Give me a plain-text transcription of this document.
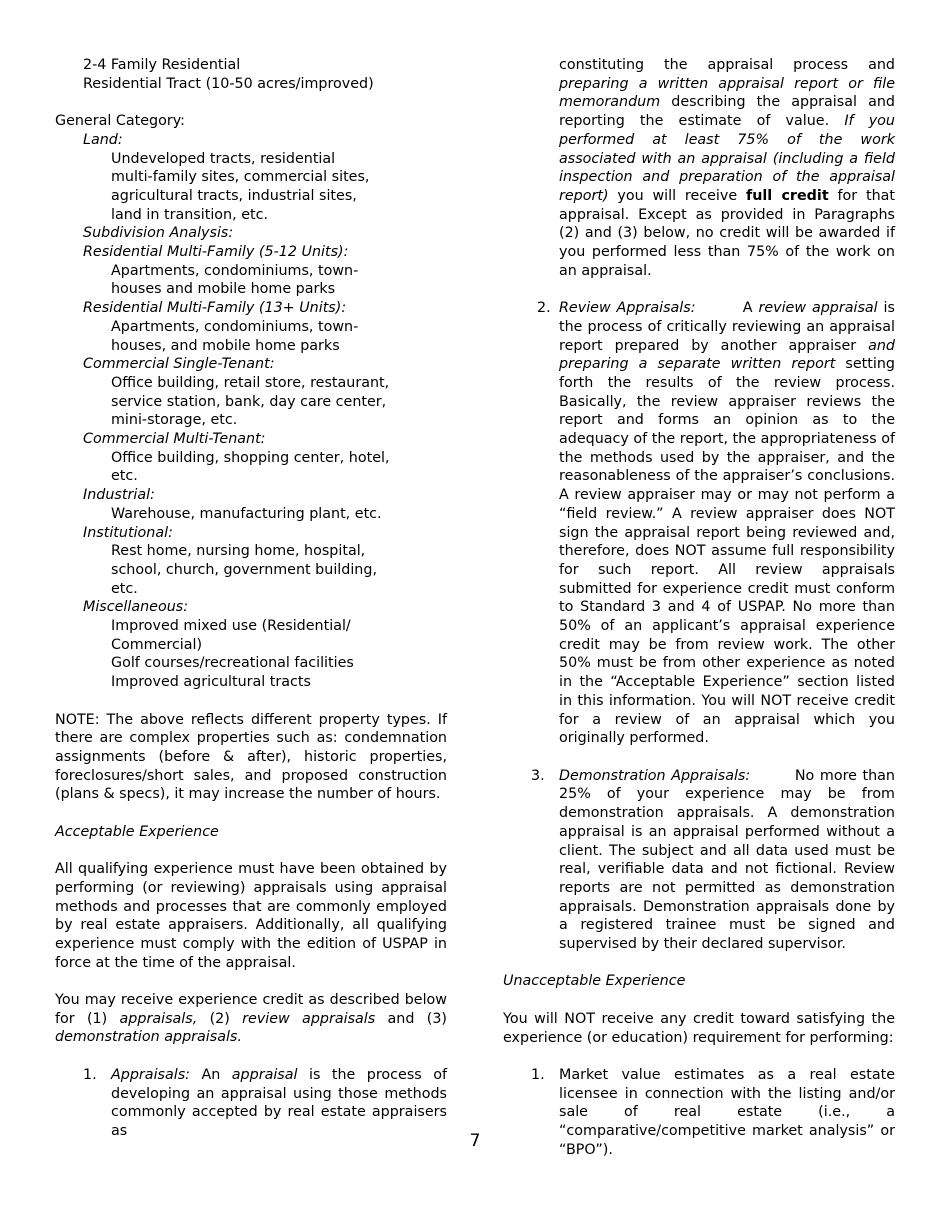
2-4 Family Residential

Residential Tract (10-50 acres/improved)

General Category:

Land:

Undeveloped tracts, residential

multi-family sites, commercial sites,

agricultural tracts, industrial sites,

land in transition, etc.

Subdivision Analysis:

Residential Multi-Family (5-12 Units):

Apartments, condominiums, town-

houses and mobile home parks

Residential Multi-Family (13+ Units):

Apartments, condominiums, town-

houses, and mobile home parks

Commercial Single-Tenant:

Office building, retail store, restaurant,

service station, bank, day care center,

mini-storage, etc.

Commercial Multi-Tenant:

Office building, shopping center, hotel,

etc.

Industrial:

Warehouse, manufacturing plant, etc.

Institutional:

Rest home, nursing home, hospital,

school, church, government building,

etc.

Miscellaneous:

Improved mixed use (Residential/

Commercial)

Golf courses/recreational facilities

Improved agricultural tracts

NOTE: The above reflects different property types. If there are complex properties such as: condemnation assignments (before & after), historic properties, foreclosures/short sales, and proposed construction (plans & specs), it may increase the number of hours.

Acceptable Experience

All qualifying experience must have been obtained by performing (or reviewing) appraisals using appraisal methods and processes that are commonly employed by real estate appraisers. Additionally, all qualifying experience must comply with the edition of USPAP in force at the time of the appraisal.

You may receive experience credit as described below for (1) appraisals, (2) review appraisals and (3) demonstration appraisals.

1. Appraisals: An appraisal is the process of developing an appraisal using those methods commonly accepted by real estate appraisers as
constituting the appraisal process and preparing a written appraisal report or file memorandum describing the appraisal and reporting the estimate of value. If you performed at least 75% of the work associated with an appraisal (including a field inspection and preparation of the appraisal report) you will receive full credit for that appraisal. Except as provided in Paragraphs (2) and (3) below, no credit will be awarded if you performed less than 75% of the work on an appraisal.
2. Review Appraisals:        A review appraisal is the process of critically reviewing an appraisal report prepared by another appraiser and preparing a separate written report setting forth the results of the review process. Basically, the review appraiser reviews the report and forms an opinion as to the adequacy of the report, the appropriateness of the methods used by the appraiser, and the reasonableness of the appraiser’s conclusions. A review appraiser may or may not perform a “field review.” A review appraiser does NOT sign the appraisal report being reviewed and, therefore, does NOT assume full responsibility for such report. All review appraisals submitted for experience credit must conform to Standard 3 and 4 of USPAP. No more than 50% of an applicant’s appraisal experience credit may be from review work. The other 50% must be from other experience as noted in the “Acceptable Experience” section listed in this information. You will NOT receive credit for a review of an appraisal which you originally performed.
3. Demonstration Appraisals:        No more than 25% of your experience may be from demonstration appraisals. A demonstration appraisal is an appraisal performed without a client. The subject and all data used must be real, verifiable data and not fictional. Review reports are not permitted as demonstration appraisals. Demonstration appraisals done by a registered trainee must be signed and supervised by their declared supervisor.

Unacceptable Experience

You will NOT receive any credit toward satisfying the experience (or education) requirement for performing:

1. Market value estimates as a real estate licensee in connection with the listing and/or sale of real estate (i.e., a “comparative/competitive market analysis” or “BPO”).
7
